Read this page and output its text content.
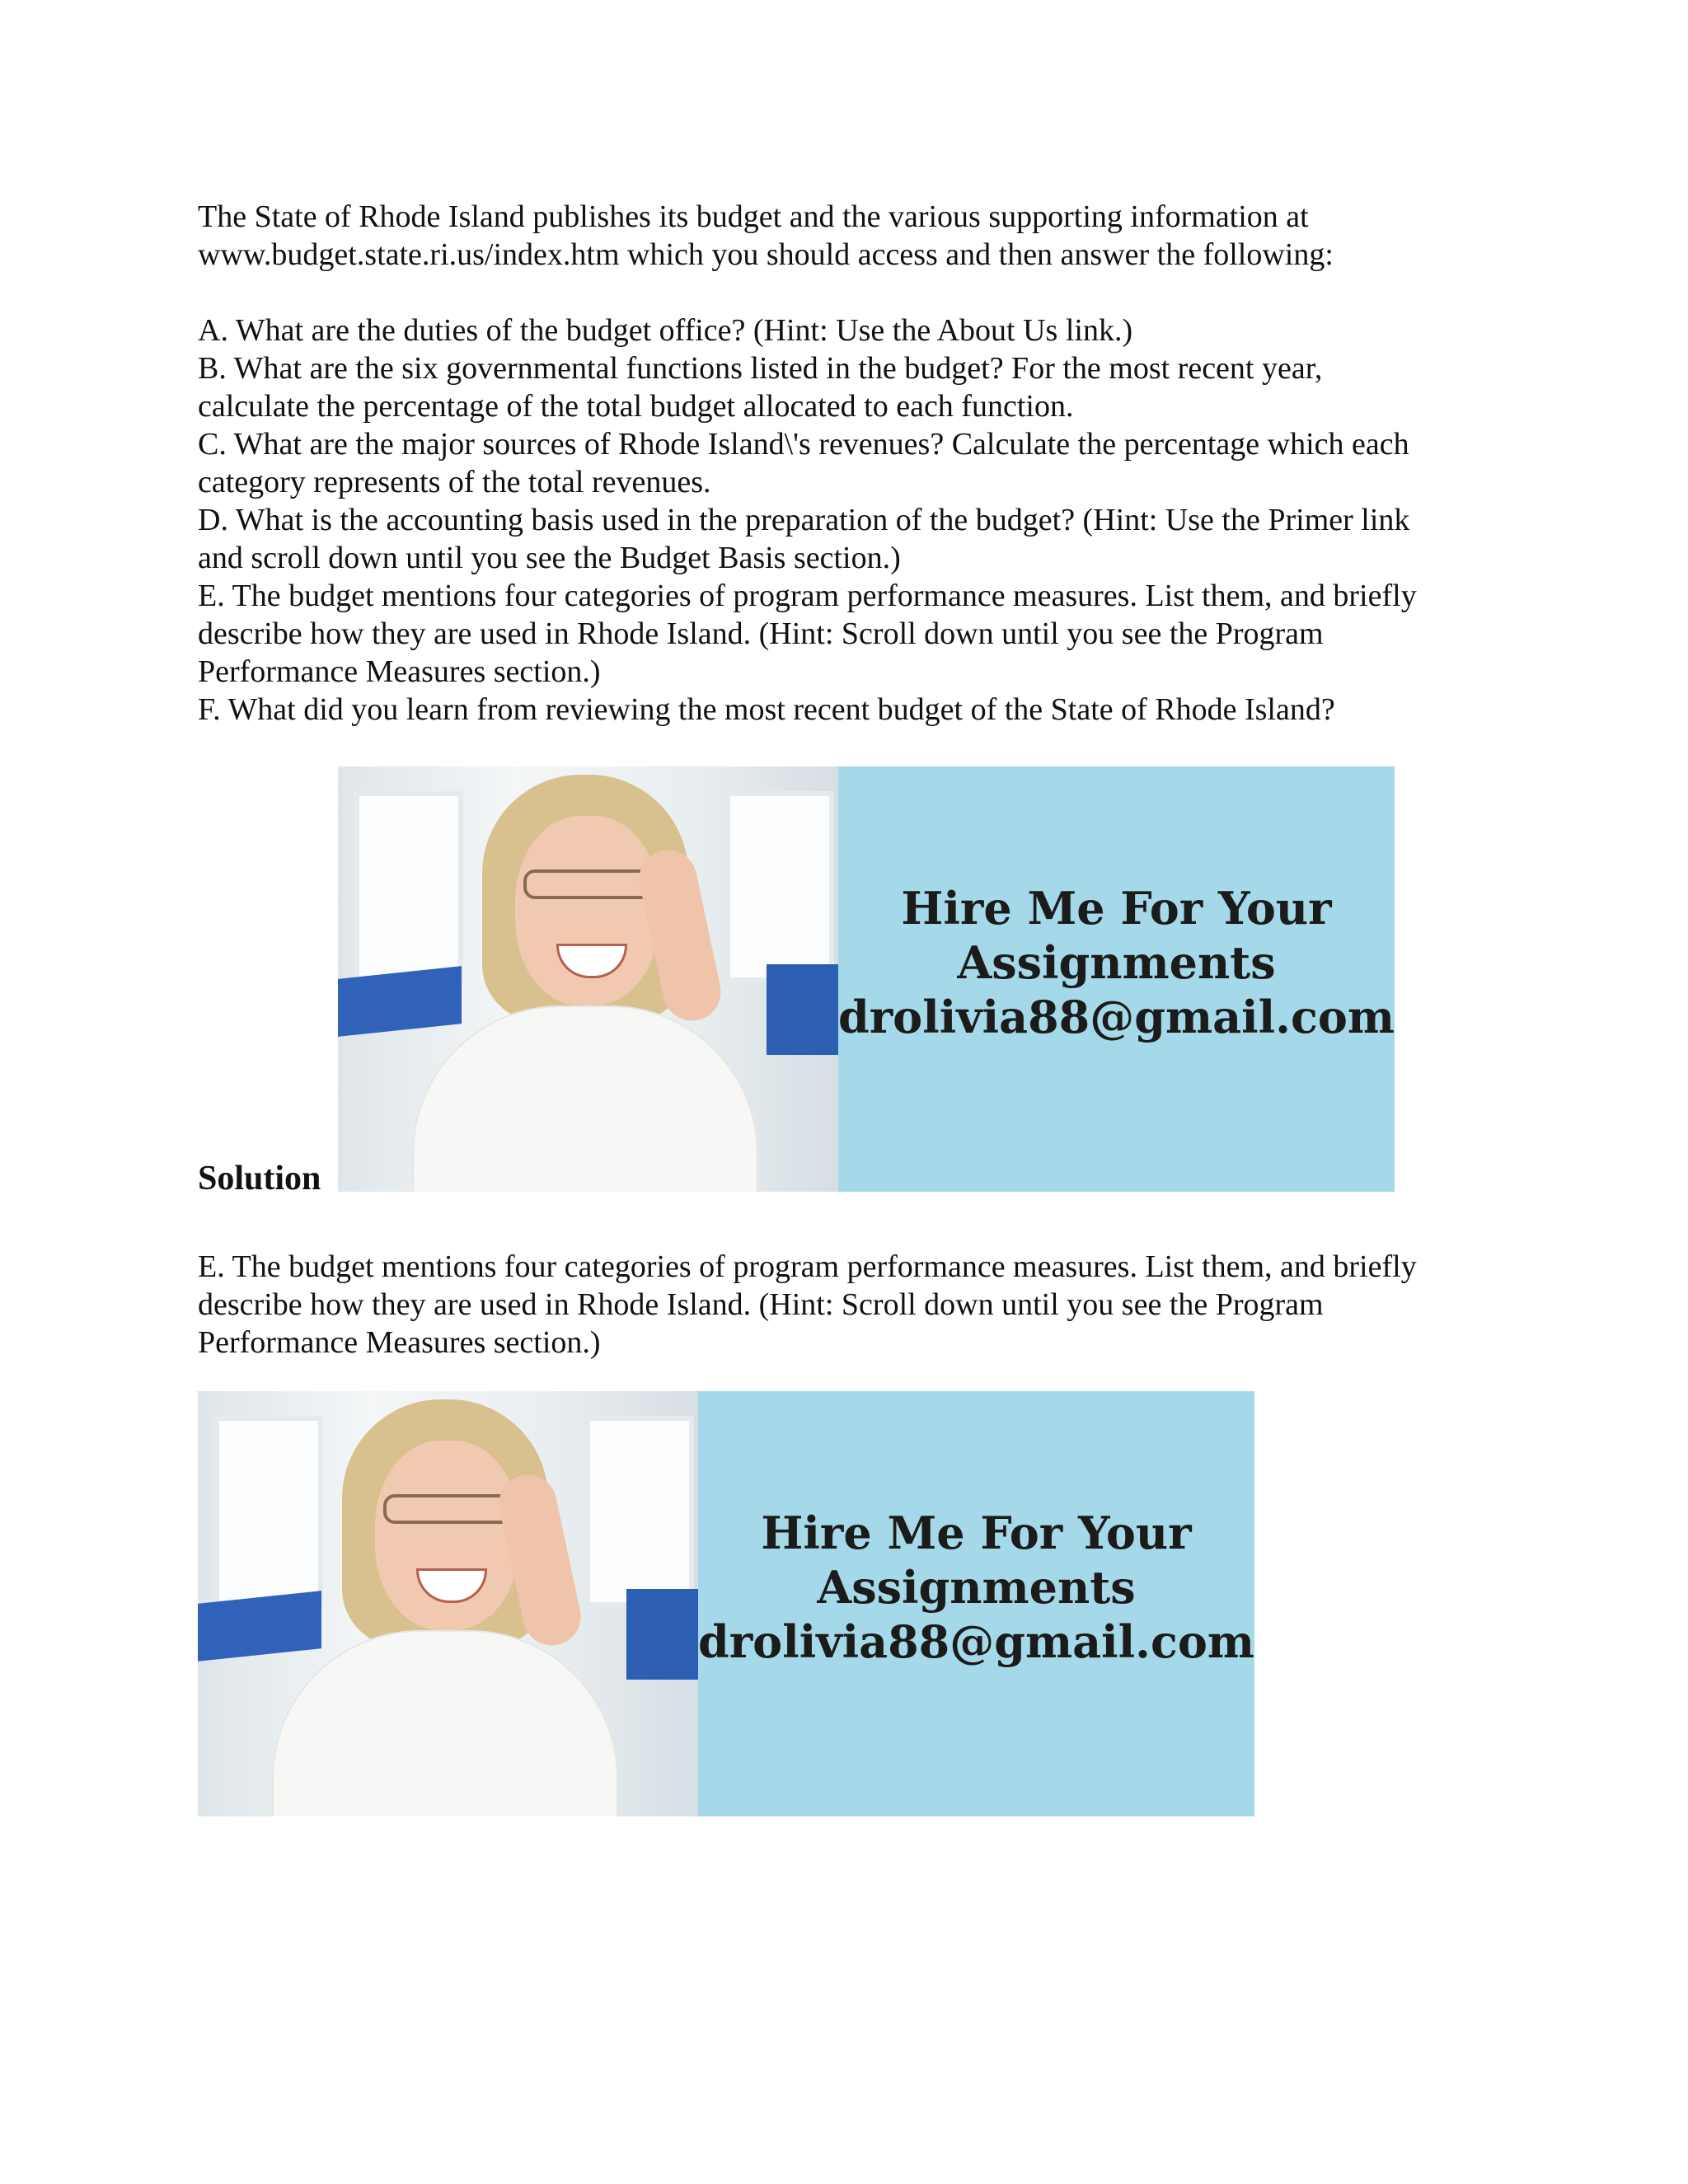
The State of Rhode Island publishes its budget and the various supporting information at

www.budget.state.ri.us/index.htm which you should access and then answer the following:

A. What are the duties of the budget office? (Hint: Use the About Us link.)

B. What are the six governmental functions listed in the budget? For the most recent year,

calculate the percentage of the total budget allocated to each function.

C. What are the major sources of Rhode Island\'s revenues? Calculate the percentage which each

category represents of the total revenues.

D. What is the accounting basis used in the preparation of the budget? (Hint: Use the Primer link

and scroll down until you see the Budget Basis section.)

E. The budget mentions four categories of program performance measures. List them, and briefly

describe how they are used in Rhode Island. (Hint: Scroll down until you see the Program

Performance Measures section.)

F. What did you learn from reviewing the most recent budget of the State of Rhode Island?

Hire Me For Your
Assignments
drolivia88@gmail.com
Solution

E. The budget mentions four categories of program performance measures. List them, and briefly

describe how they are used in Rhode Island. (Hint: Scroll down until you see the Program

Performance Measures section.)

Hire Me For Your
Assignments
drolivia88@gmail.com
